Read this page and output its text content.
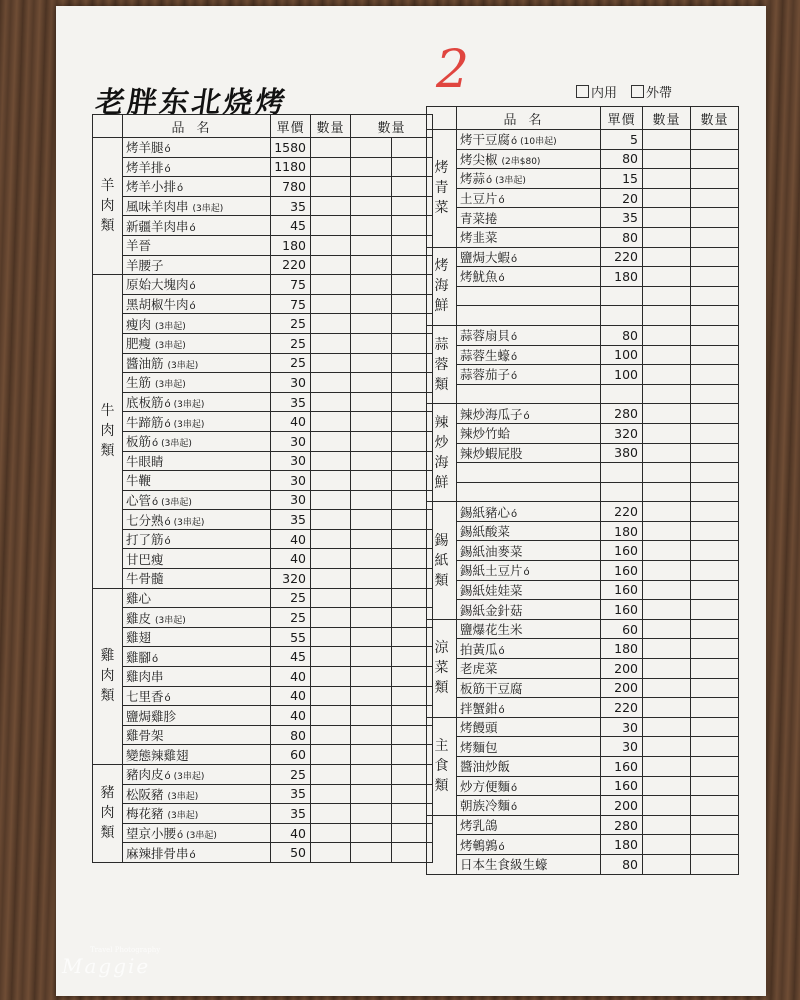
2
老胖东北烧烤	内用 外帶
	品名	單價	數量	數量	
羊肉類	烤羊腿ó	1580			
	烤羊排ó	1180			
	烤羊小排ó	780			
	風味羊肉串 (3串起)	35			
	新疆羊肉串ó	45			
	羊晉	180			
	羊腰子	220			
牛肉類	原始大塊肉ó	75			
	黑胡椒牛肉ó	75			
	瘦肉 (3串起)	25			
	肥瘦 (3串起)	25			
	醬油筋 (3串起)	25			
	生筋 (3串起)	30			
	底板筋ó (3串起)	35			
	牛蹄筋ó (3串起)	40			
	板筋ó (3串起)	30			
	牛眼睛	30			
	牛鞭	30			
	心管ó (3串起)	30			
	七分熟ó (3串起)	35			
	打了筋ó	40			
	甘巴瘦	40			
	牛骨髓	320			
雞肉類	雞心	25			
	雞皮 (3串起)	25			
	雞翅	55			
	雞腳ó	45			
	雞肉串	40			
	七里香ó	40			
	鹽焗雞胗	40			
	雞骨架	80			
	變態辣雞翅	60			
豬肉類	豬肉皮ó (3串起)	25			
	松阪豬 (3串起)	35			
	梅花豬 (3串起)	35			
	望京小腰ó (3串起)	40			
	麻辣排骨串ó	50			
	品名	單價	數量	數量
烤青菜	烤干豆腐ó (10串起)	5		
	烤尖椒 (2串$80)	80		
	烤蒜ó (3串起)	15		
	土豆片ó	20		
	青菜捲	35		
	烤韭菜	80		
烤海鮮	鹽焗大蝦ó	220		
	烤魷魚ó	180		

蒜蓉類	蒜蓉扇貝ó	80		
	蒜蓉生蠔ó	100		
	蒜蓉茄子ó	100		

辣炒海鮮	辣炒海瓜子ó	280		
	辣炒竹蛤	320		
	辣炒蝦屁股	380		

錫紙類	錫紙豬心ó	220		
	錫紙酸菜	180		
	錫紙油麥菜	160		
	錫紙土豆片ó	160		
	錫紙娃娃菜	160		
	錫紙金針菇	160		
涼菜類	鹽爆花生米	60		
	拍黃瓜ó	180		
	老虎菜	200		
	板筋干豆腐	200		
	拌蟹鉗ó	220		
主食類	烤饅頭	30		
	烤麵包	30		
	醬油炒飯	160		
	炒方便麵ó	160		
	朝族冷麵ó	200		
	烤乳鴿	280		
	烤鵪鶉ó	180		
	日本生食級生蠔	80		
Travel Photography
Maggie
